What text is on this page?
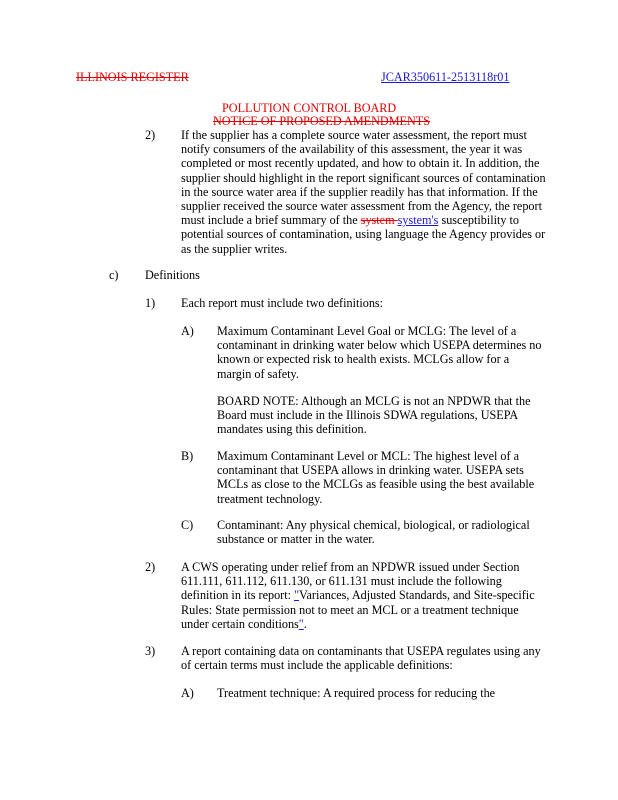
ILLINOIS REGISTER	JCAR350611-2513118r01
POLLUTION CONTROL BOARD
NOTICE OF PROPOSED AMENDMENTS
2) If the supplier has a complete source water assessment, the report must
notify consumers of the availability of this assessment, the year it was
completed or most recently updated, and how to obtain it. In addition, the
supplier should highlight in the report significant sources of contamination
in the source water area if the supplier readily has that information. If the
supplier received the source water assessment from the Agency, the report
must include a brief summary of the system system's susceptibility to
potential sources of contamination, using language the Agency provides or
as the supplier writes.
c) Definitions
1) Each report must include two definitions:
A) Maximum Contaminant Level Goal or MCLG: The level of a
contaminant in drinking water below which USEPA determines no
known or expected risk to health exists. MCLGs allow for a
margin of safety.
BOARD NOTE: Although an MCLG is not an NPDWR that the
Board must include in the Illinois SDWA regulations, USEPA
mandates using this definition.
B) Maximum Contaminant Level or MCL: The highest level of a
contaminant that USEPA allows in drinking water. USEPA sets
MCLs as close to the MCLGs as feasible using the best available
treatment technology.
C) Contaminant: Any physical chemical, biological, or radiological
substance or matter in the water.
2) A CWS operating under relief from an NPDWR issued under Section
611.111, 611.112, 611.130, or 611.131 must include the following
definition in its report: "Variances, Adjusted Standards, and Site-specific
Rules: State permission not to meet an MCL or a treatment technique
under certain conditions".
3) A report containing data on contaminants that USEPA regulates using any
of certain terms must include the applicable definitions:
A) Treatment technique: A required process for reducing the
